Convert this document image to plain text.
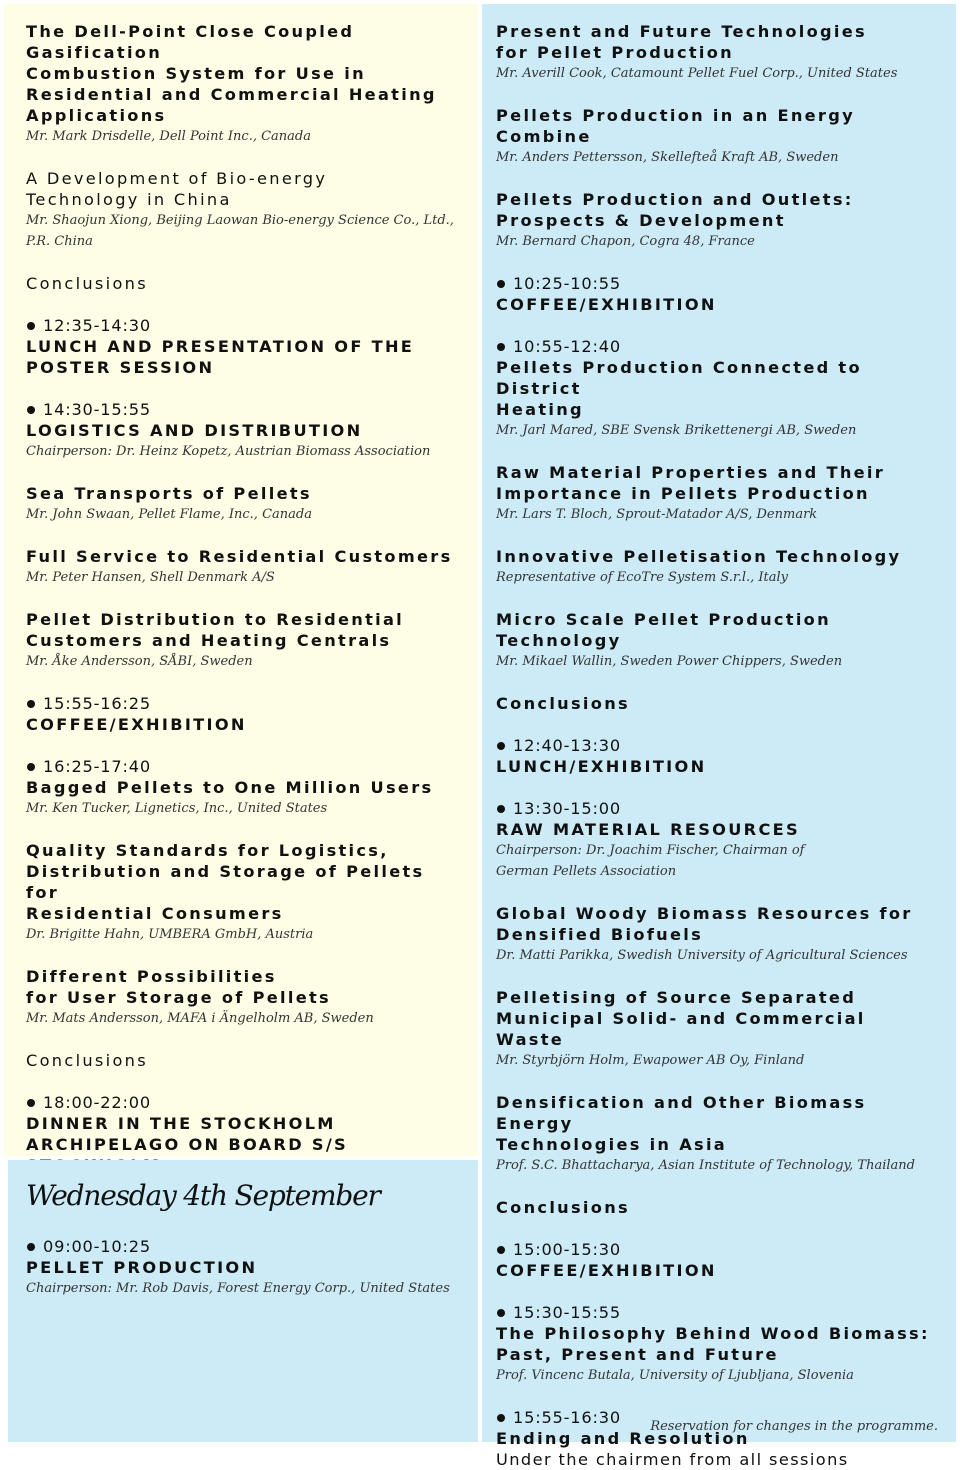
The Dell-Point Close Coupled Gasification
Combustion System for Use in
Residential and Commercial Heating
Applications

Mr. Mark Drisdelle, Dell Point Inc., Canada

A Development of Bio-energy
Technology in China

Mr. Shaojun Xiong, Beijing Laowan Bio-energy Science Co., Ltd.,
P.R. China

Conclusions

12:35-14:30

LUNCH AND PRESENTATION OF THE
POSTER SESSION

14:30-15:55

LOGISTICS AND DISTRIBUTION

Chairperson: Dr. Heinz Kopetz, Austrian Biomass Association

Sea Transports of Pellets

Mr. John Swaan, Pellet Flame, Inc., Canada

Full Service to Residential Customers

Mr. Peter Hansen, Shell Denmark A/S

Pellet Distribution to Residential
Customers and Heating Centrals

Mr. Åke Andersson, SÅBI, Sweden

15:55-16:25

COFFEE/EXHIBITION

16:25-17:40

Bagged Pellets to One Million Users

Mr. Ken Tucker, Lignetics, Inc., United States

Quality Standards for Logistics,
Distribution and Storage of Pellets for
Residential Consumers

Dr. Brigitte Hahn, UMBERA GmbH, Austria

Different Possibilities
for User Storage of Pellets

Mr. Mats Andersson, MAFA i Ängelholm AB, Sweden

Conclusions

18:00-22:00

DINNER IN THE STOCKHOLM
ARCHIPELAGO ON BOARD S/S

Wednesday 4th September

09:00-10:25

PELLET PRODUCTION

Chairperson: Mr. Rob Davis, Forest Energy Corp., United States

Present and Future Technologies
for Pellet Production

Mr. Averill Cook, Catamount Pellet Fuel Corp., United States

Pellets Production in an Energy Combine

Mr. Anders Pettersson, Skellefteå Kraft AB, Sweden

Pellets Production and Outlets:
Prospects & Development

Mr. Bernard Chapon, Cogra 48, France

10:25-10:55

COFFEE/EXHIBITION

10:55-12:40

Pellets Production Connected to District
Heating

Mr. Jarl Mared, SBE Svensk Brikettenergi AB, Sweden

Raw Material Properties and Their
Importance in Pellets Production

Mr. Lars T. Bloch, Sprout-Matador A/S, Denmark

Innovative Pelletisation Technology

Representative of EcoTre System S.r.l., Italy

Micro Scale Pellet Production Technology

Mr. Mikael Wallin, Sweden Power Chippers, Sweden

Conclusions

12:40-13:30

LUNCH/EXHIBITION

13:30-15:00

RAW MATERIAL RESOURCES

Chairperson: Dr. Joachim Fischer, Chairman of
German Pellets Association

Global Woody Biomass Resources for
Densified Biofuels

Dr. Matti Parikka, Swedish University of Agricultural Sciences

Pelletising of Source Separated
Municipal Solid- and Commercial Waste

Mr. Styrbjörn Holm, Ewapower AB Oy, Finland

Densification and Other Biomass Energy
Technologies in Asia

Prof. S.C. Bhattacharya, Asian Institute of Technology, Thailand

Conclusions

15:00-15:30

COFFEE/EXHIBITION

15:30-15:55

The Philosophy Behind Wood Biomass:
Past, Present and Future

Prof. Vincenc Butala, University of Ljubljana, Slovenia

15:55-16:30

Ending and Resolution

Under the chairmen from all sessions

Reservation for changes in the programme.
